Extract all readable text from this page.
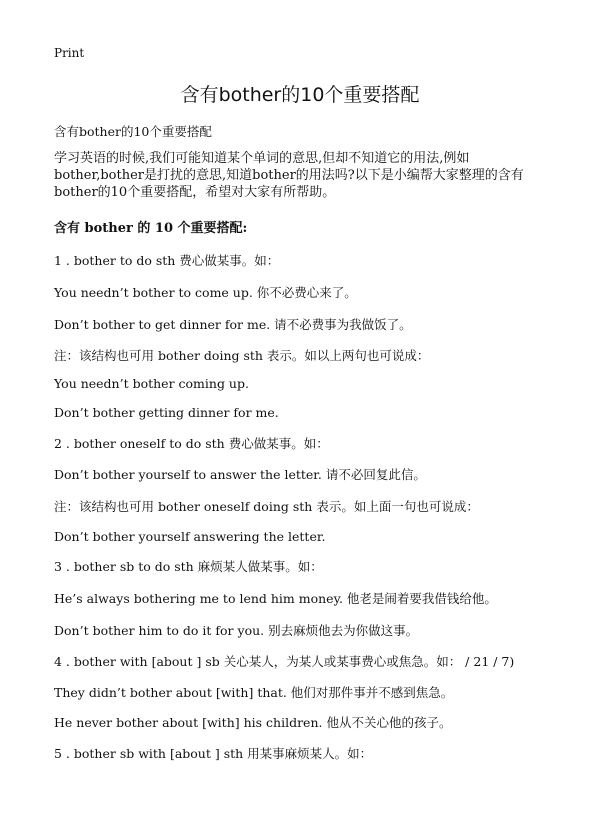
Print
含有bother的10个重要搭配
含有bother的10个重要搭配

学习英语的时候,我们可能知道某个单词的意思,但却不知道它的用法,例如

bother,bother是打扰的意思,知道bother的用法吗?以下是小编帮大家整理的含有

bother的10个重要搭配，希望对大家有所帮助。

含有 bother 的 10 个重要搭配:
1 . bother to do sth 费心做某事。如：
You needn’t bother to come up. 你不必费心来了。
Don’t bother to get dinner for me. 请不必费事为我做饭了。
注：该结构也可用 bother doing sth 表示。如以上两句也可说成：
You needn’t bother coming up.
Don’t bother getting dinner for me.
2 . bother oneself to do sth 费心做某事。如：
Don’t bother yourself to answer the letter. 请不必回复此信。
注：该结构也可用 bother oneself doing sth 表示。如上面一句也可说成：
Don’t bother yourself answering the letter.
3 . bother sb to do sth 麻烦某人做某事。如：
He’s always bothering me to lend him money. 他老是闹着要我借钱给他。
Don’t bother him to do it for you. 别去麻烦他去为你做这事。
4 . bother with [about ] sb 关心某人，为某人或某事费心或焦急。如： / 21 / 7)
They didn’t bother about [with] that. 他们对那件事并不感到焦急。
He never bother about [with] his children. 他从不关心他的孩子。
5 . bother sb with [about ] sth 用某事麻烦某人。如：
